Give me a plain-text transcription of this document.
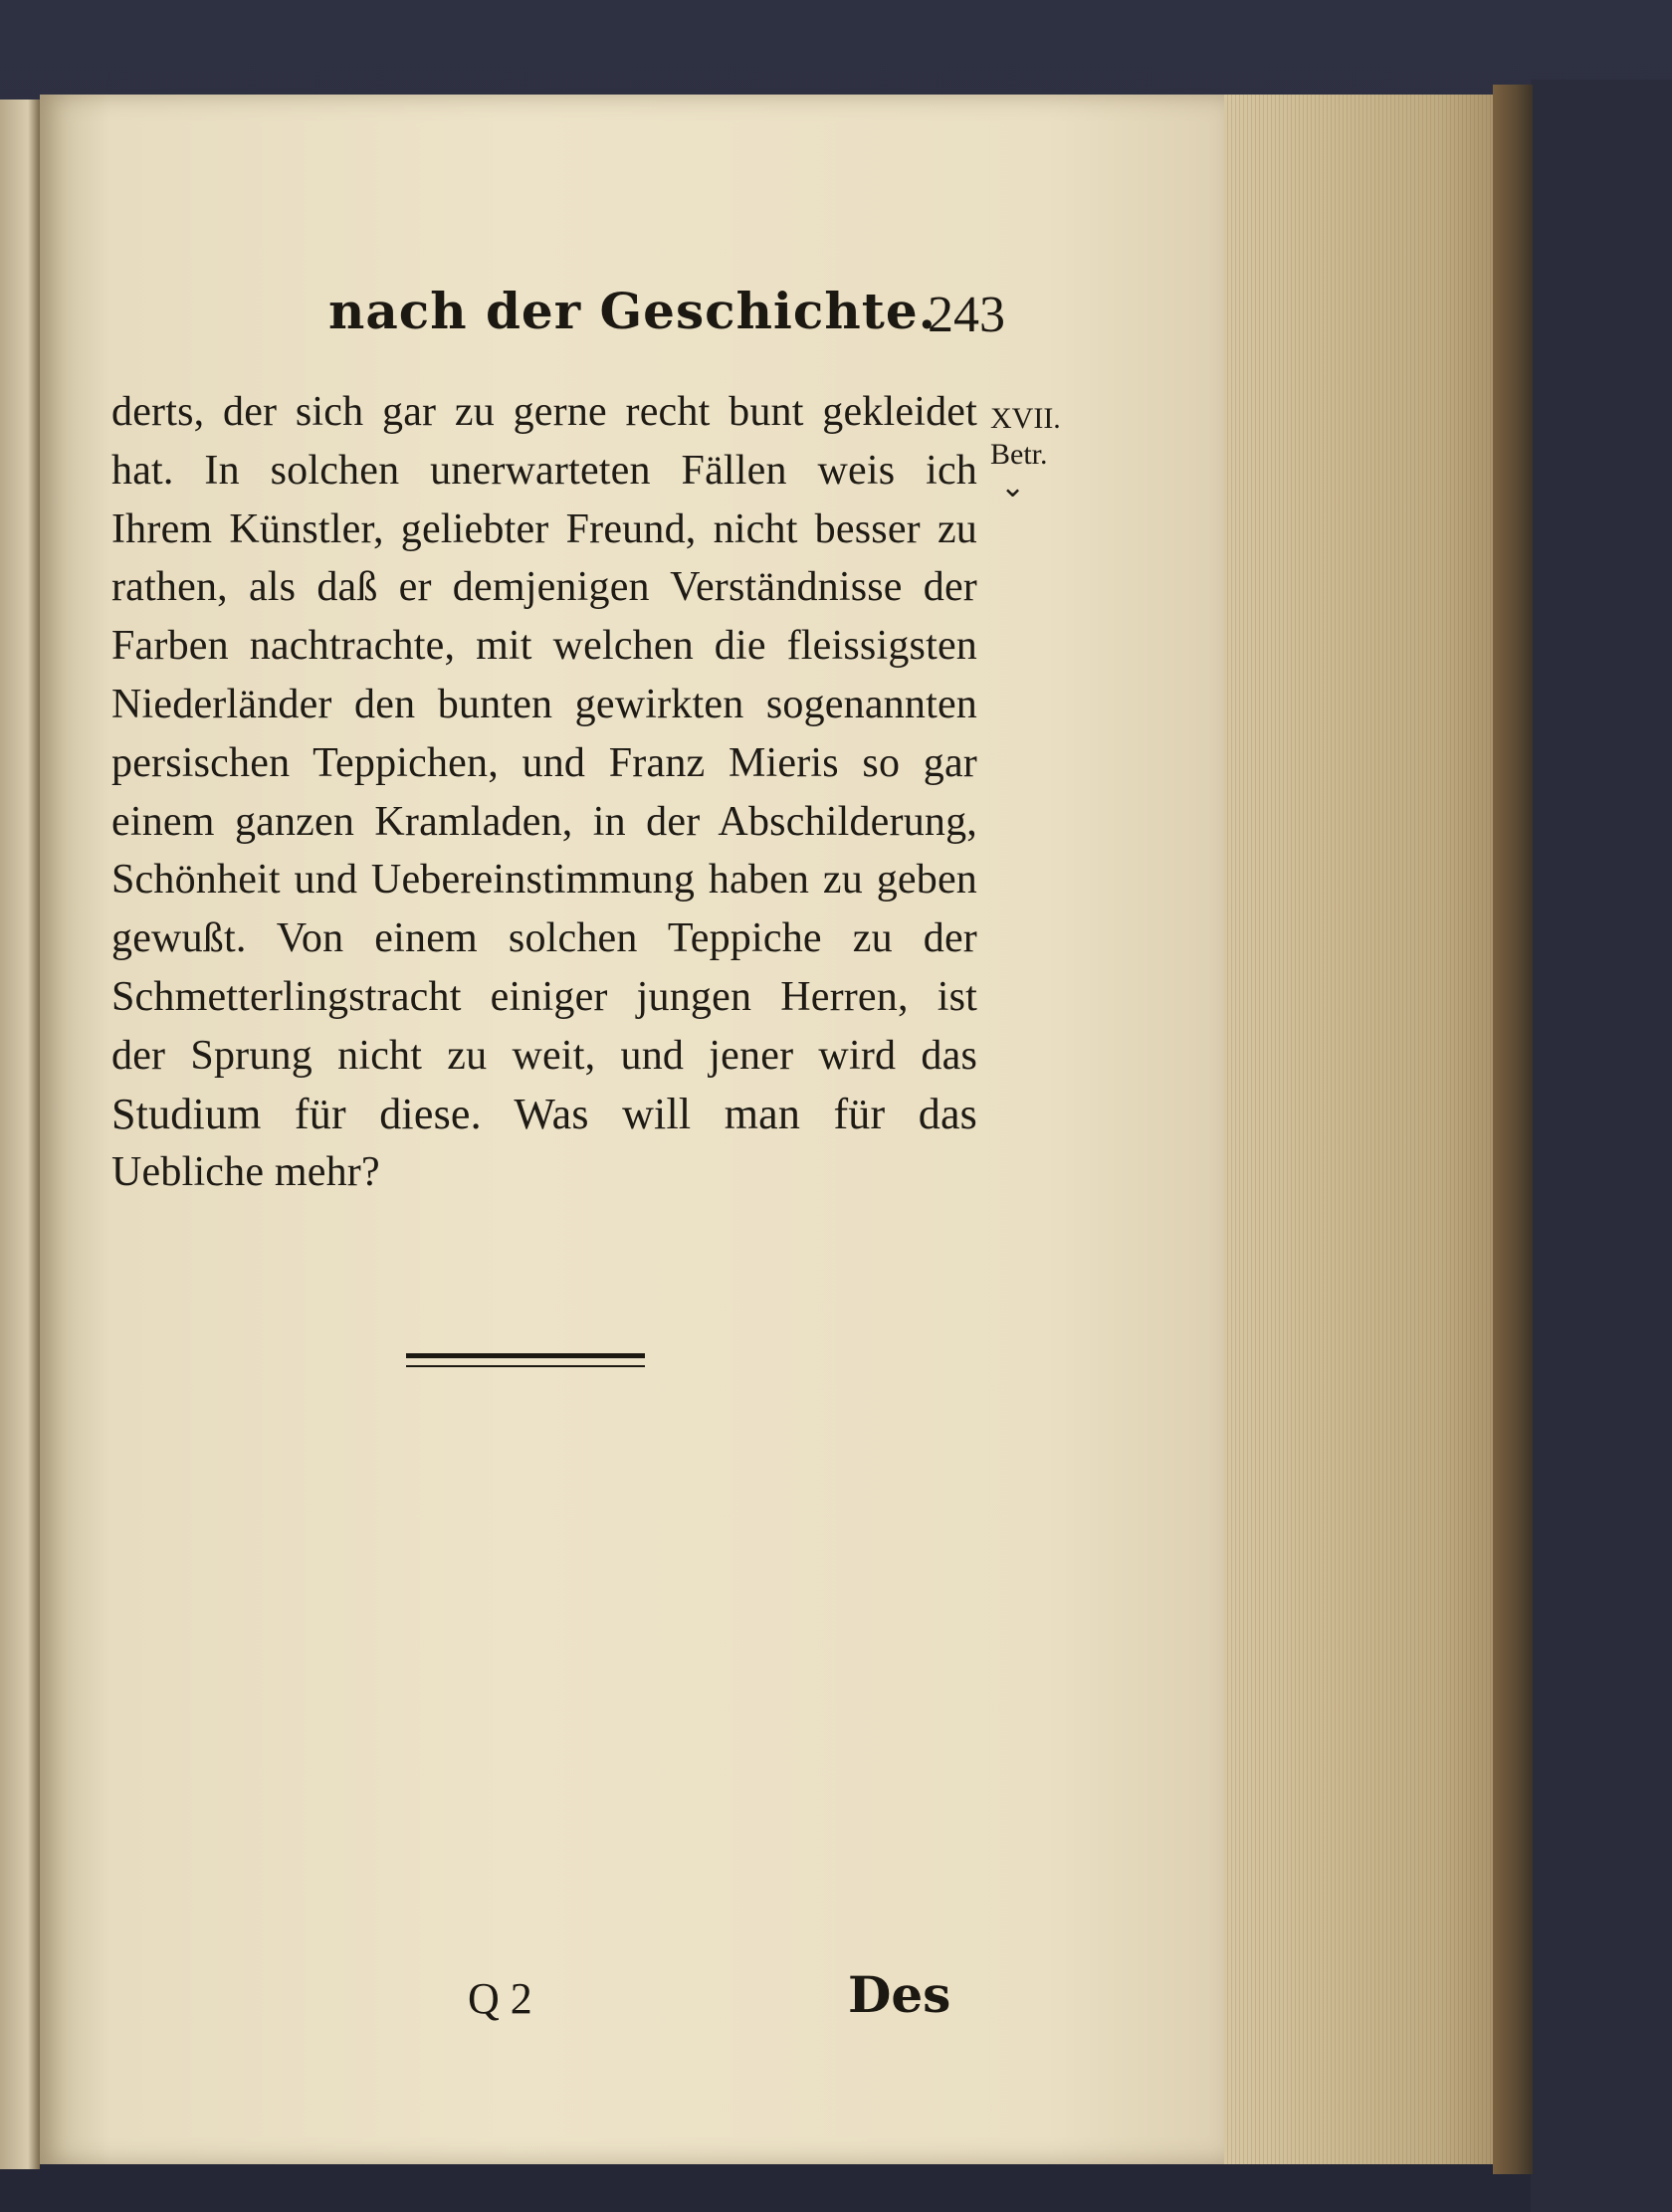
nach der Geschichte.
243
derts, der sich gar zu gerne recht bunt gekleidet
hat. In solchen unerwarteten Fällen weis ich
Ihrem Künstler, geliebter Freund, nicht besser zu
rathen, als daß er demjenigen Verständnisse der
Farben nachtrachte, mit welchen die fleissigsten
Niederländer den bunten gewirkten sogenannten
persischen Teppichen, und Franz Mieris so gar
einem ganzen Kramladen, in der Abschilderung,
Schönheit und Uebereinstimmung haben zu geben
gewußt. Von einem solchen Teppiche zu der
Schmetterlingstracht einiger jungen Herren, ist
der Sprung nicht zu weit, und jener wird das
Studium für diese. Was will man für das
Uebliche mehr?
XVII.
Betr.
⌄
Q 2	Des
